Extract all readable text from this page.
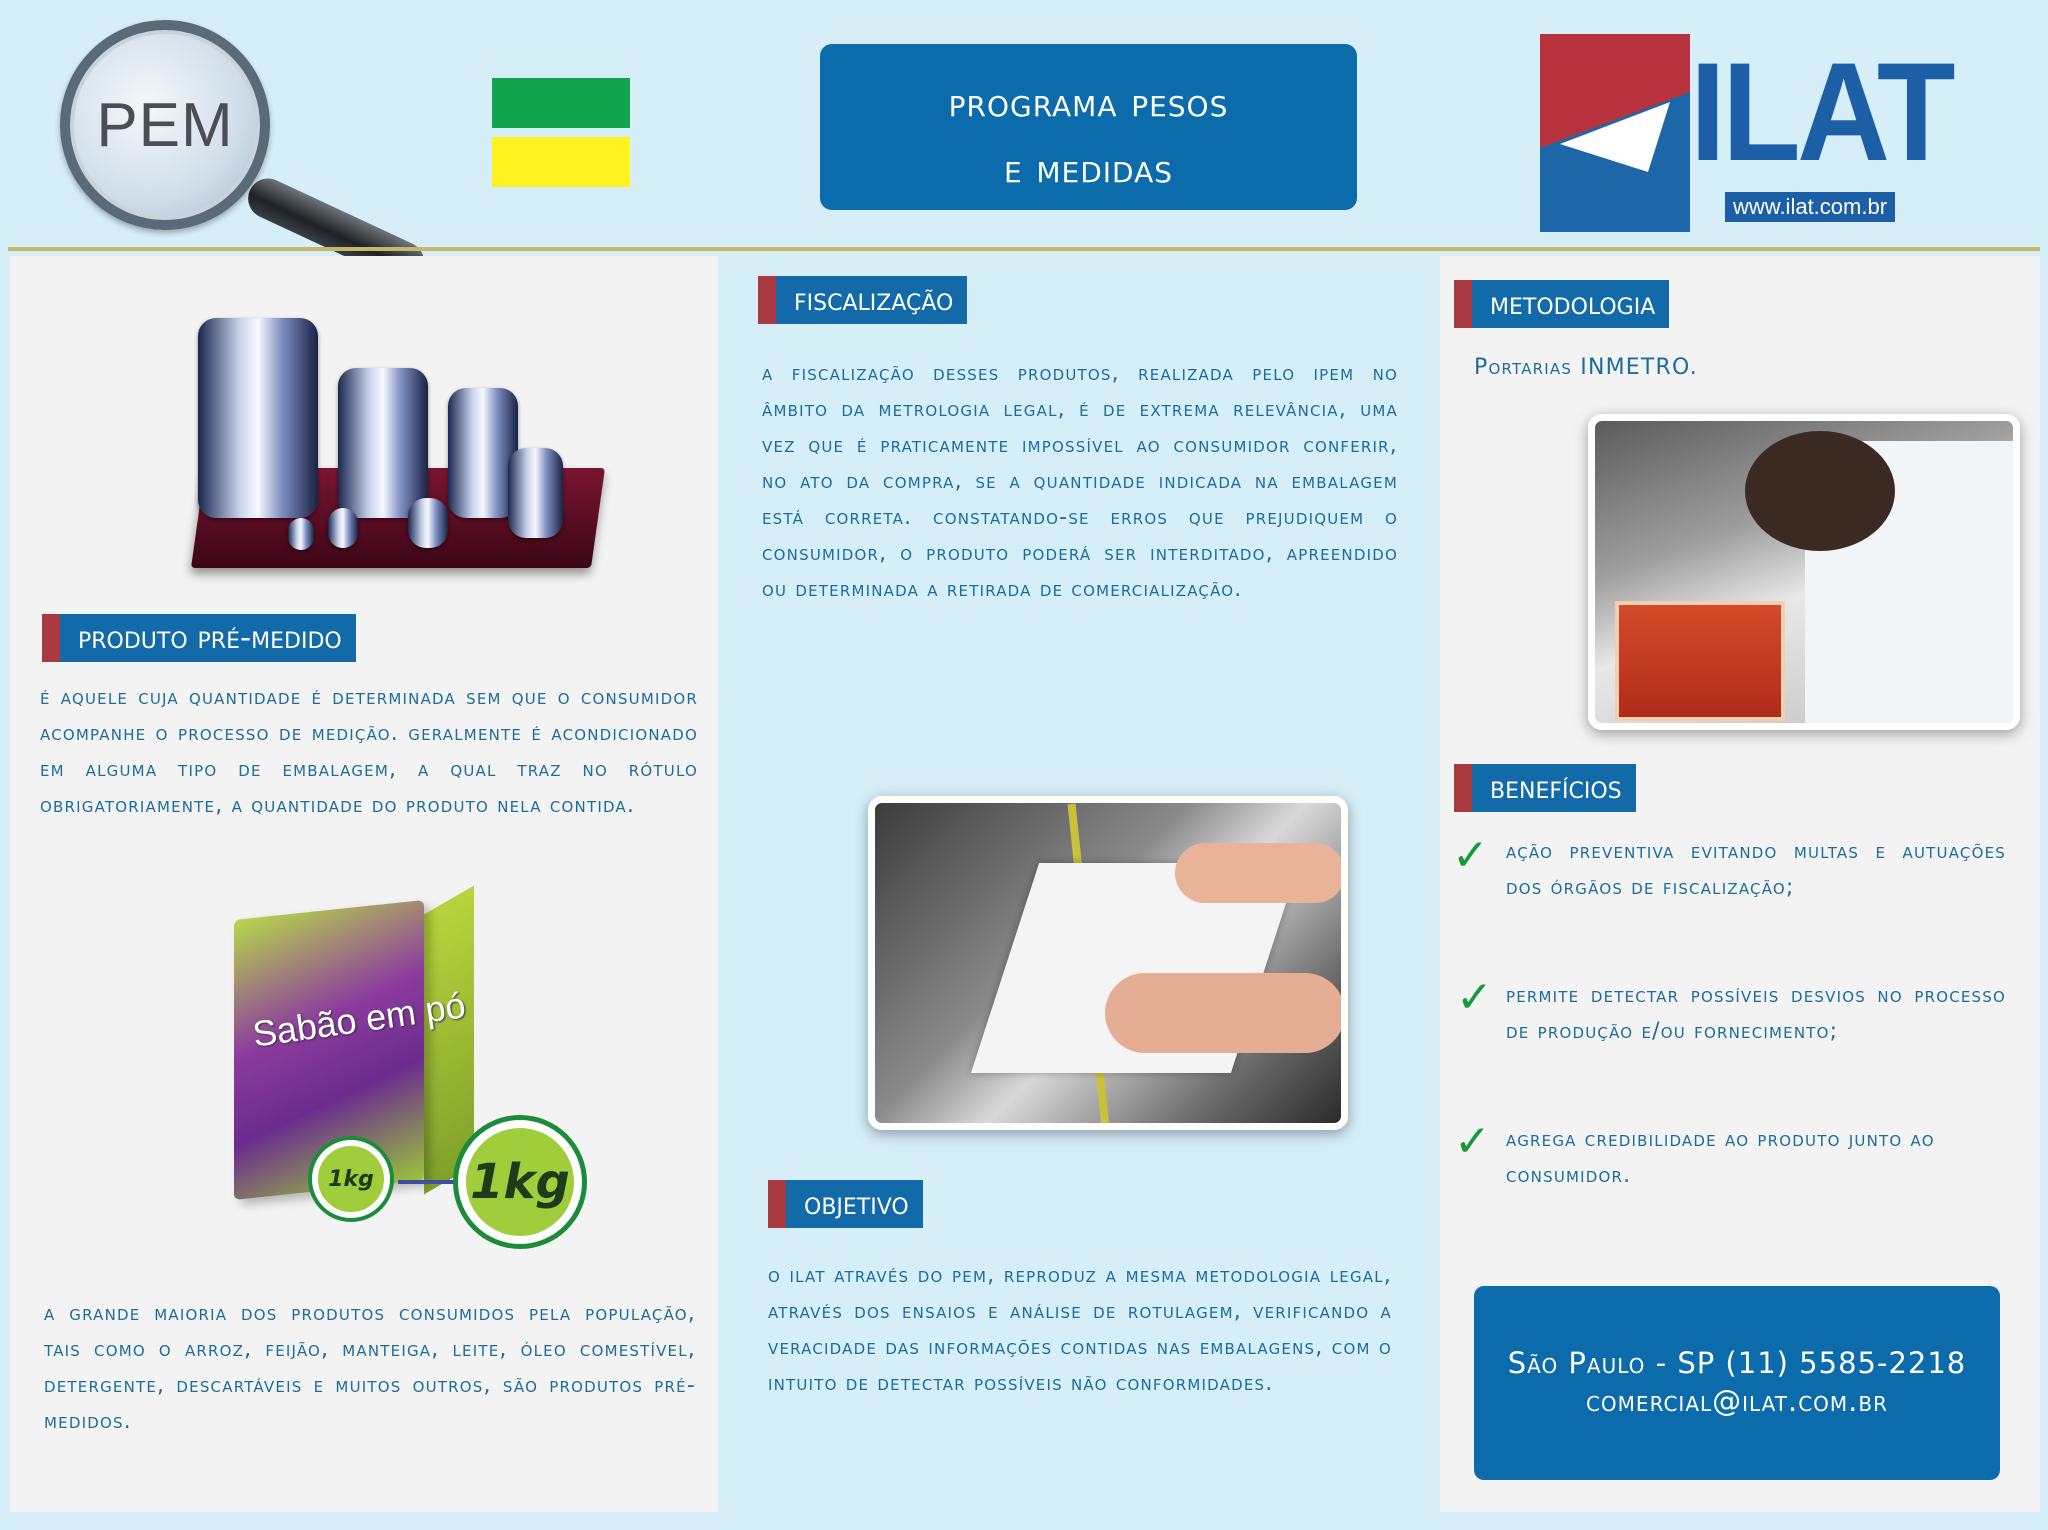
PEM	programa pesos
e medidas	ILAT
www.ilat.com.br
produto pré-medido
é aquele cuja quantidade é determinada sem que o consumidor acompanhe o processo de medição. geralmente é acondicionado em alguma tipo de embalagem, a qual traz no rótulo obrigatoriamente, a quantidade do produto nela contida.
Sabão em pó
1kg	1kg
a grande maioria dos produtos consumidos pela população, tais como o arroz, feijão, manteiga, leite, óleo comestível, detergente, descartáveis e muitos outros, são produtos pré-medidos.
fiscalização
a fiscalização desses produtos, realizada pelo ipem no âmbito da metrologia legal, é de extrema relevância, uma vez que é praticamente impossível ao consumidor conferir, no ato da compra, se a quantidade indicada na embalagem está correta. constatando-se erros que prejudiquem o consumidor, o produto poderá ser interditado, apreendido ou determinada a retirada de comercialização.
objetivo
o ilat através do pem, reproduz a mesma metodologia legal, através dos ensaios e análise de rotulagem, verificando a veracidade das informações contidas nas embalagens, com o intuito de detectar possíveis não conformidades.
metodologia
Portarias INMETRO.
benefícios
✓ ação preventiva evitando multas e autuações dos órgãos de fiscalização;
✓ permite detectar possíveis desvios no processo de produção e/ou fornecimento;
✓ agrega credibilidade ao produto junto ao consumidor.
São Paulo - SP (11) 5585-2218
comercial@ilat.com.br
